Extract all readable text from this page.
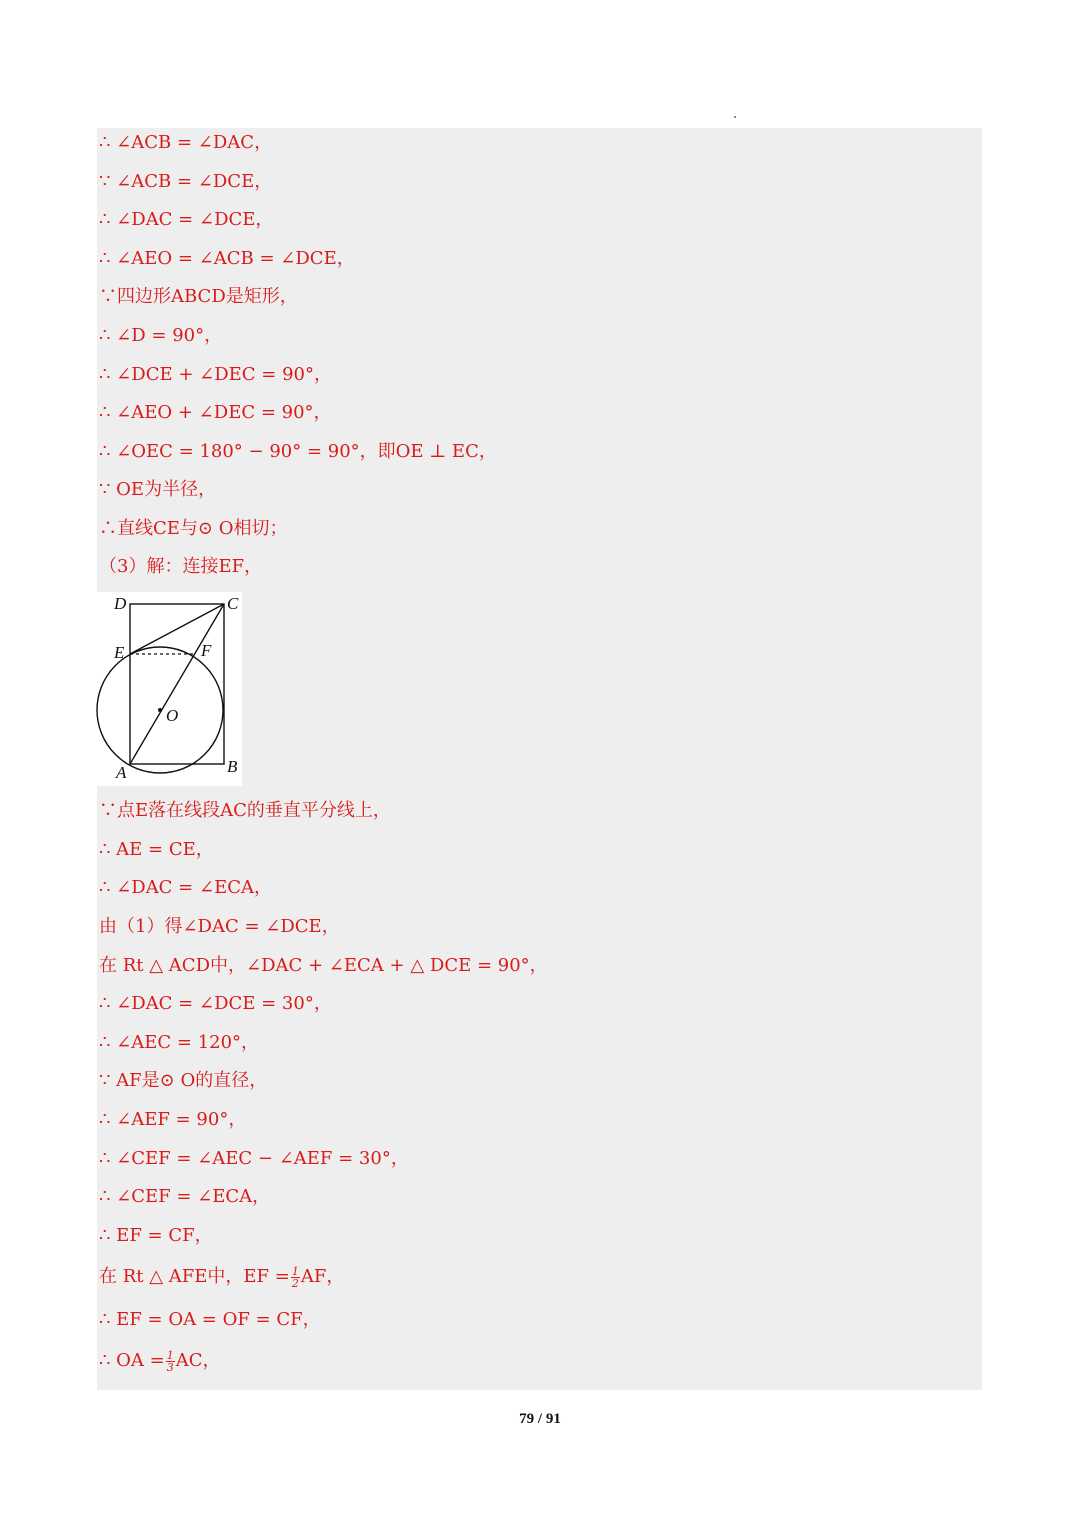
∴ ∠ACB = ∠DAC，
∵ ∠ACB = ∠DCE，
∴ ∠DAC = ∠DCE，
∴ ∠AEO = ∠ACB = ∠DCE，
∵四边形ABCD是矩形，
∴ ∠D = 90°，
∴ ∠DCE + ∠DEC = 90°，
∴ ∠AEO + ∠DEC = 90°，
∴ ∠OEC = 180° − 90° = 90°，即OE ⊥ EC，
∵ OE为半径，
∴直线CE与⊙ O相切；
（3）解：连接EF，
D	C
E	F
O
A	B
∵点E落在线段AC的垂直平分线上，
∴ AE = CE，
∴ ∠DAC = ∠ECA，
由（1）得∠DAC = ∠DCE，
在 Rt △ ACD中，∠DAC + ∠ECA + △ DCE = 90°，
∴ ∠DAC = ∠DCE = 30°，
∴ ∠AEC = 120°，
∵ AF是⊙ O的直径，
∴ ∠AEF = 90°，
∴ ∠CEF = ∠AEC − ∠AEF = 30°，
∴ ∠CEF = ∠ECA，
∴ EF = CF，
在 Rt △ AFE中，EF = $\frac{1}{2}$ AF，
∴ EF = OA = OF = CF，
∴ OA = $\frac{1}{3}$ AC，
79 / 91
